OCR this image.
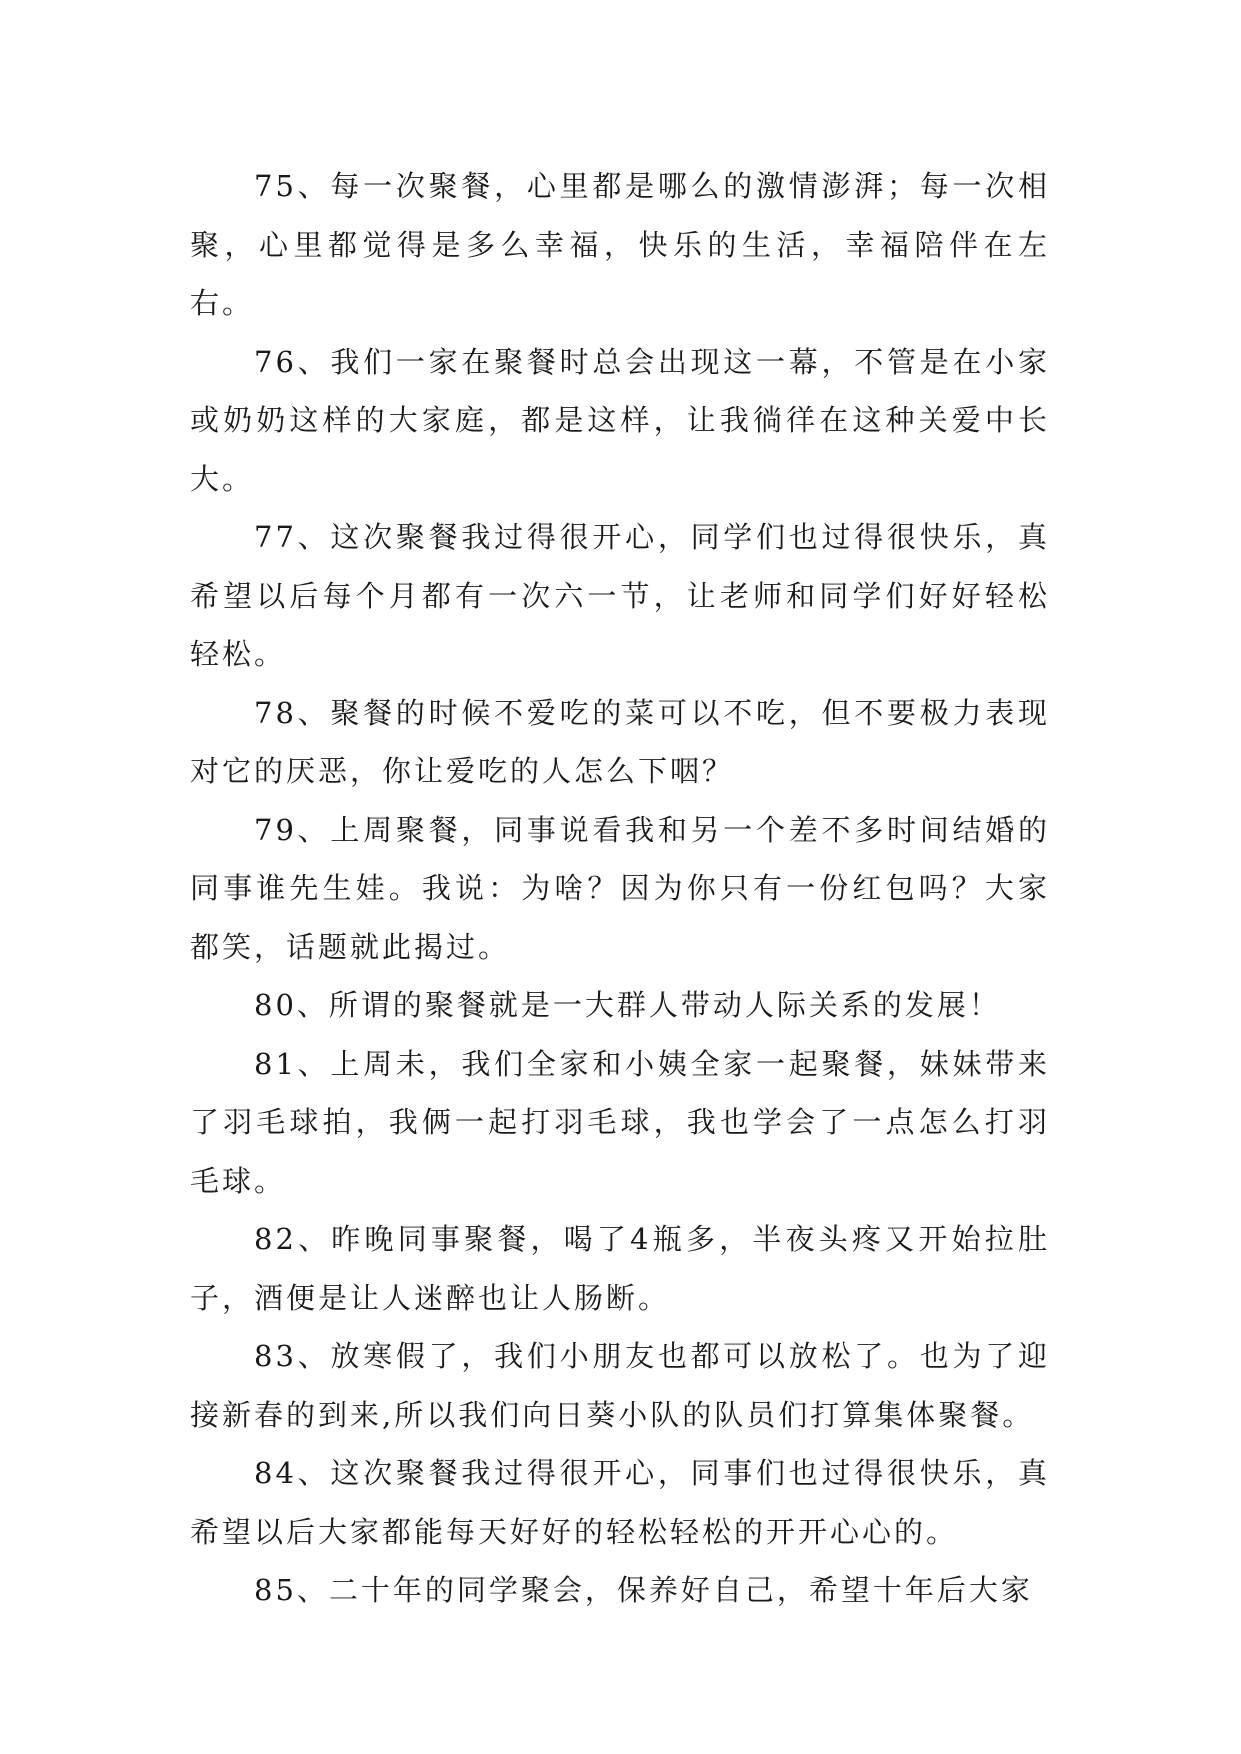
75、每一次聚餐，心里都是哪么的激情澎湃；每一次相聚，心里都觉得是多么幸福，快乐的生活，幸福陪伴在左右。

76、我们一家在聚餐时总会出现这一幕，不管是在小家或奶奶这样的大家庭，都是这样，让我徜徉在这种关爱中长大。

77、这次聚餐我过得很开心，同学们也过得很快乐，真希望以后每个月都有一次六一节，让老师和同学们好好轻松轻松。

78、聚餐的时候不爱吃的菜可以不吃，但不要极力表现对它的厌恶，你让爱吃的人怎么下咽？

79、上周聚餐，同事说看我和另一个差不多时间结婚的同事谁先生娃。我说：为啥？因为你只有一份红包吗？大家都笑，话题就此揭过。

80、所谓的聚餐就是一大群人带动人际关系的发展！

81、上周未，我们全家和小姨全家一起聚餐，妹妹带来了羽毛球拍，我俩一起打羽毛球，我也学会了一点怎么打羽毛球。

82、昨晚同事聚餐，喝了4瓶多，半夜头疼又开始拉肚子，酒便是让人迷醉也让人肠断。

83、放寒假了，我们小朋友也都可以放松了。也为了迎接新春的到来,所以我们向日葵小队的队员们打算集体聚餐。

84、这次聚餐我过得很开心，同事们也过得很快乐，真希望以后大家都能每天好好的轻松轻松的开开心心的。

85、二十年的同学聚会，保养好自己，希望十年后大家
